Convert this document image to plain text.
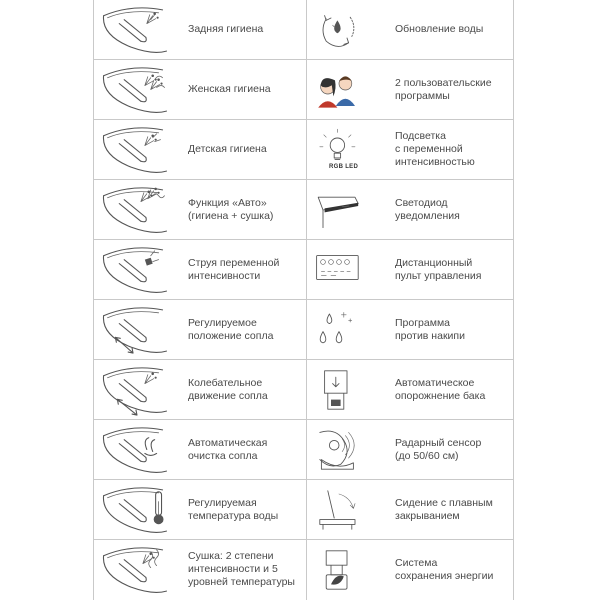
Задняя гигиена	Обновление воды
Женская гигиена
2 пользовательские
программы
Детская гигиена
RGB LED
Подсветка
с переменной
интенсивностью
Функция «Авто»
(гигиена + сушка)
Светодиод
уведомления
Струя переменной
интенсивности
Дистанционный
пульт управления
Регулируемое
положение сопла
Программа
против накипи
Колебательное
движение сопла
Автоматическое
опорожнение бака
Автоматическая
очистка сопла
Радарный сенсор
(до 50/60 см)
Регулируемая
температура воды
Сидение с плавным
закрыванием
Сушка: 2 степени
интенсивности и 5
уровней температуры
Система
сохранения энергии
